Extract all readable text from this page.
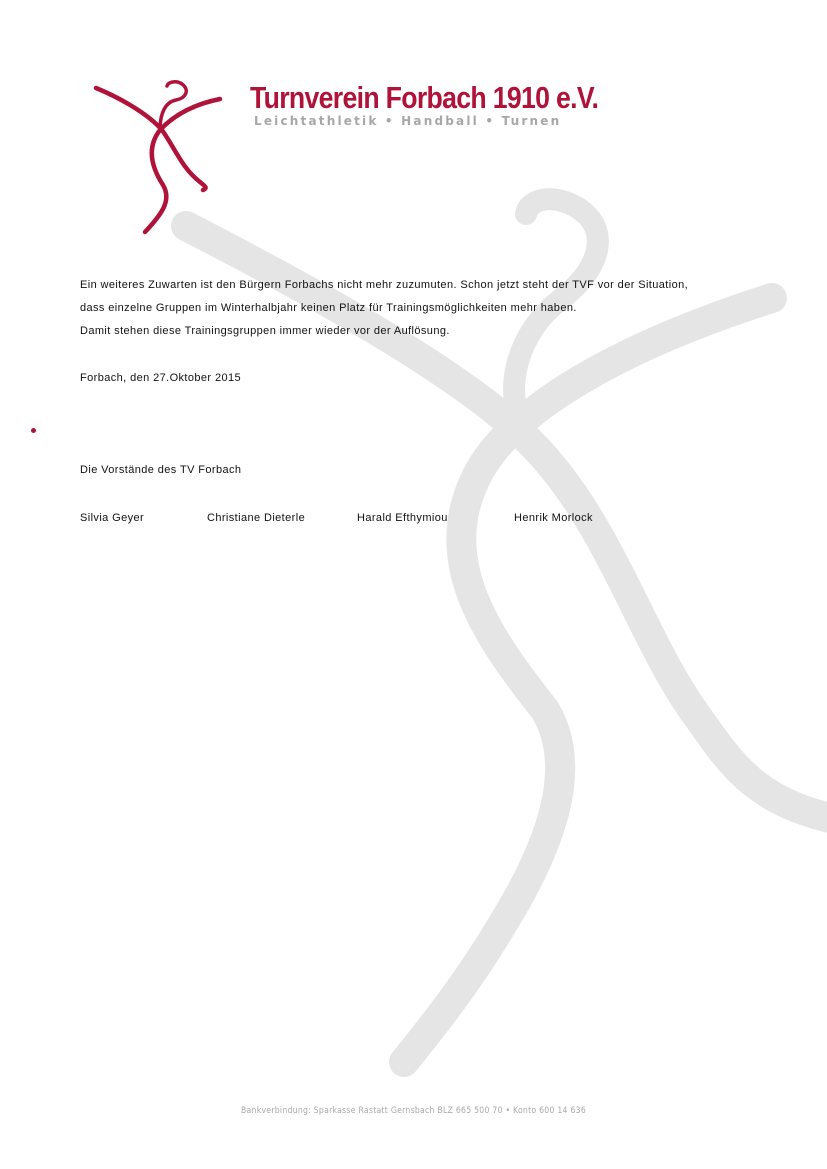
Turnverein Forbach 1910 e.V.
Leichtathletik • Handball • Turnen
Ein weiteres Zuwarten ist den Bürgern Forbachs nicht mehr zuzumuten. Schon jetzt steht der TVF vor der Situation,
dass einzelne Gruppen im Winterhalbjahr keinen Platz für Trainingsmöglichkeiten mehr haben.
Damit stehen diese Trainingsgruppen immer wieder vor der Auflösung.
Forbach, den 27.Oktober 2015
Die Vorstände des TV Forbach
Silvia Geyer	Christiane Dieterle	Harald Efthymiou	Henrik Morlock
Bankverbindung: Sparkasse Rastatt Gernsbach BLZ 665 500 70 • Konto 600 14 636
